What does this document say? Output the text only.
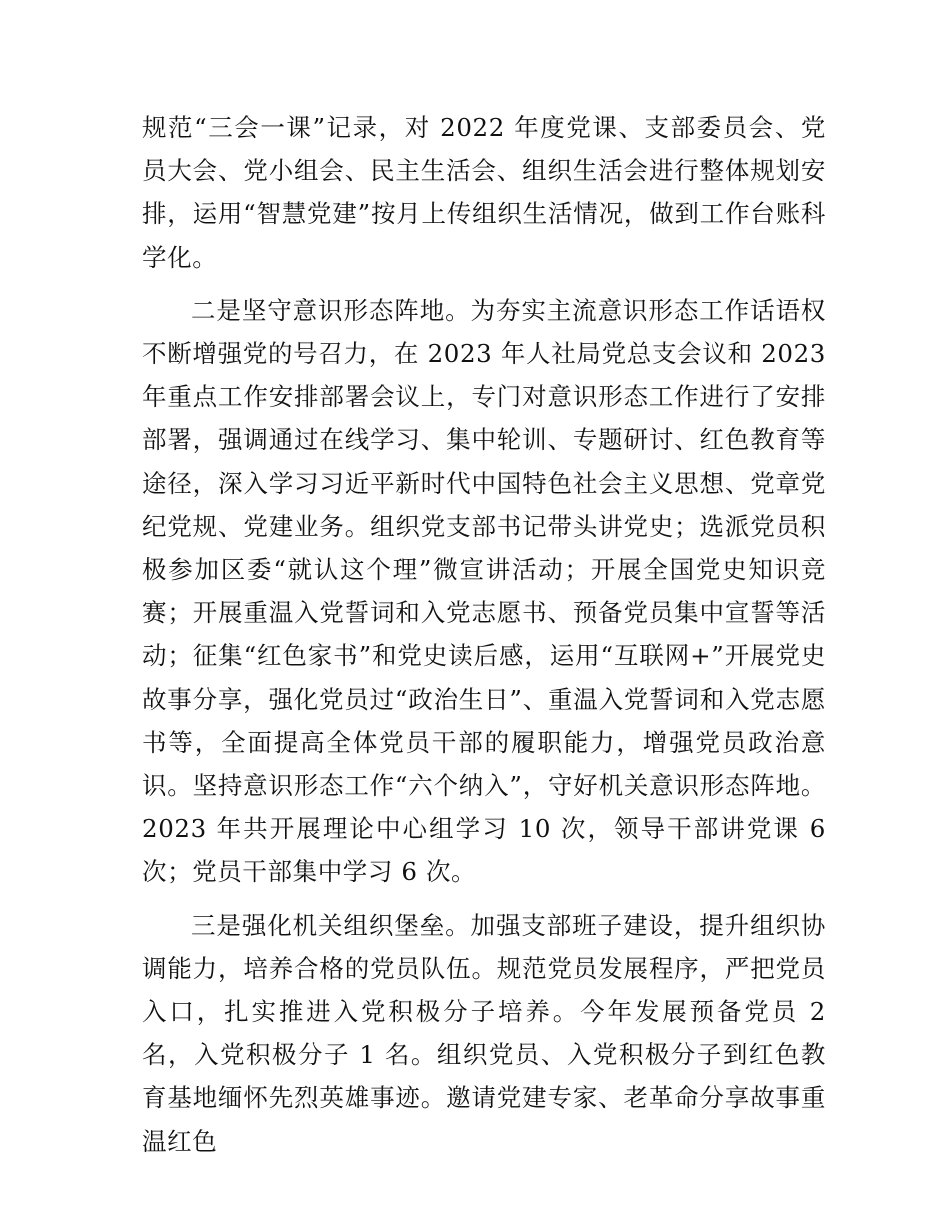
规范“三会一课”记录，对 2022 年度党课、支部委员会、党员大会、党小组会、民主生活会、组织生活会进行整体规划安排，运用“智慧党建”按月上传组织生活情况，做到工作台账科学化。

二是坚守意识形态阵地。为夯实主流意识形态工作话语权不断增强党的号召力，在 2023 年人社局党总支会议和 2023 年重点工作安排部署会议上，专门对意识形态工作进行了安排部署，强调通过在线学习、集中轮训、专题研讨、红色教育等途径，深入学习习近平新时代中国特色社会主义思想、党章党纪党规、党建业务。组织党支部书记带头讲党史；选派党员积极参加区委“就认这个理”微宣讲活动；开展全国党史知识竞赛；开展重温入党誓词和入党志愿书、预备党员集中宣誓等活动；征集“红色家书”和党史读后感，运用“互联网+”开展党史故事分享，强化党员过“政治生日”、重温入党誓词和入党志愿书等，全面提高全体党员干部的履职能力，增强党员政治意识。坚持意识形态工作“六个纳入”，守好机关意识形态阵地。2023 年共开展理论中心组学习 10 次，领导干部讲党课 6 次；党员干部集中学习 6 次。

三是强化机关组织堡垒。加强支部班子建设，提升组织协调能力，培养合格的党员队伍。规范党员发展程序，严把党员入口，扎实推进入党积极分子培养。今年发展预备党员 2 名，入党积极分子 1 名。组织党员、入党积极分子到红色教育基地缅怀先烈英雄事迹。邀请党建专家、老革命分享故事重温红色
